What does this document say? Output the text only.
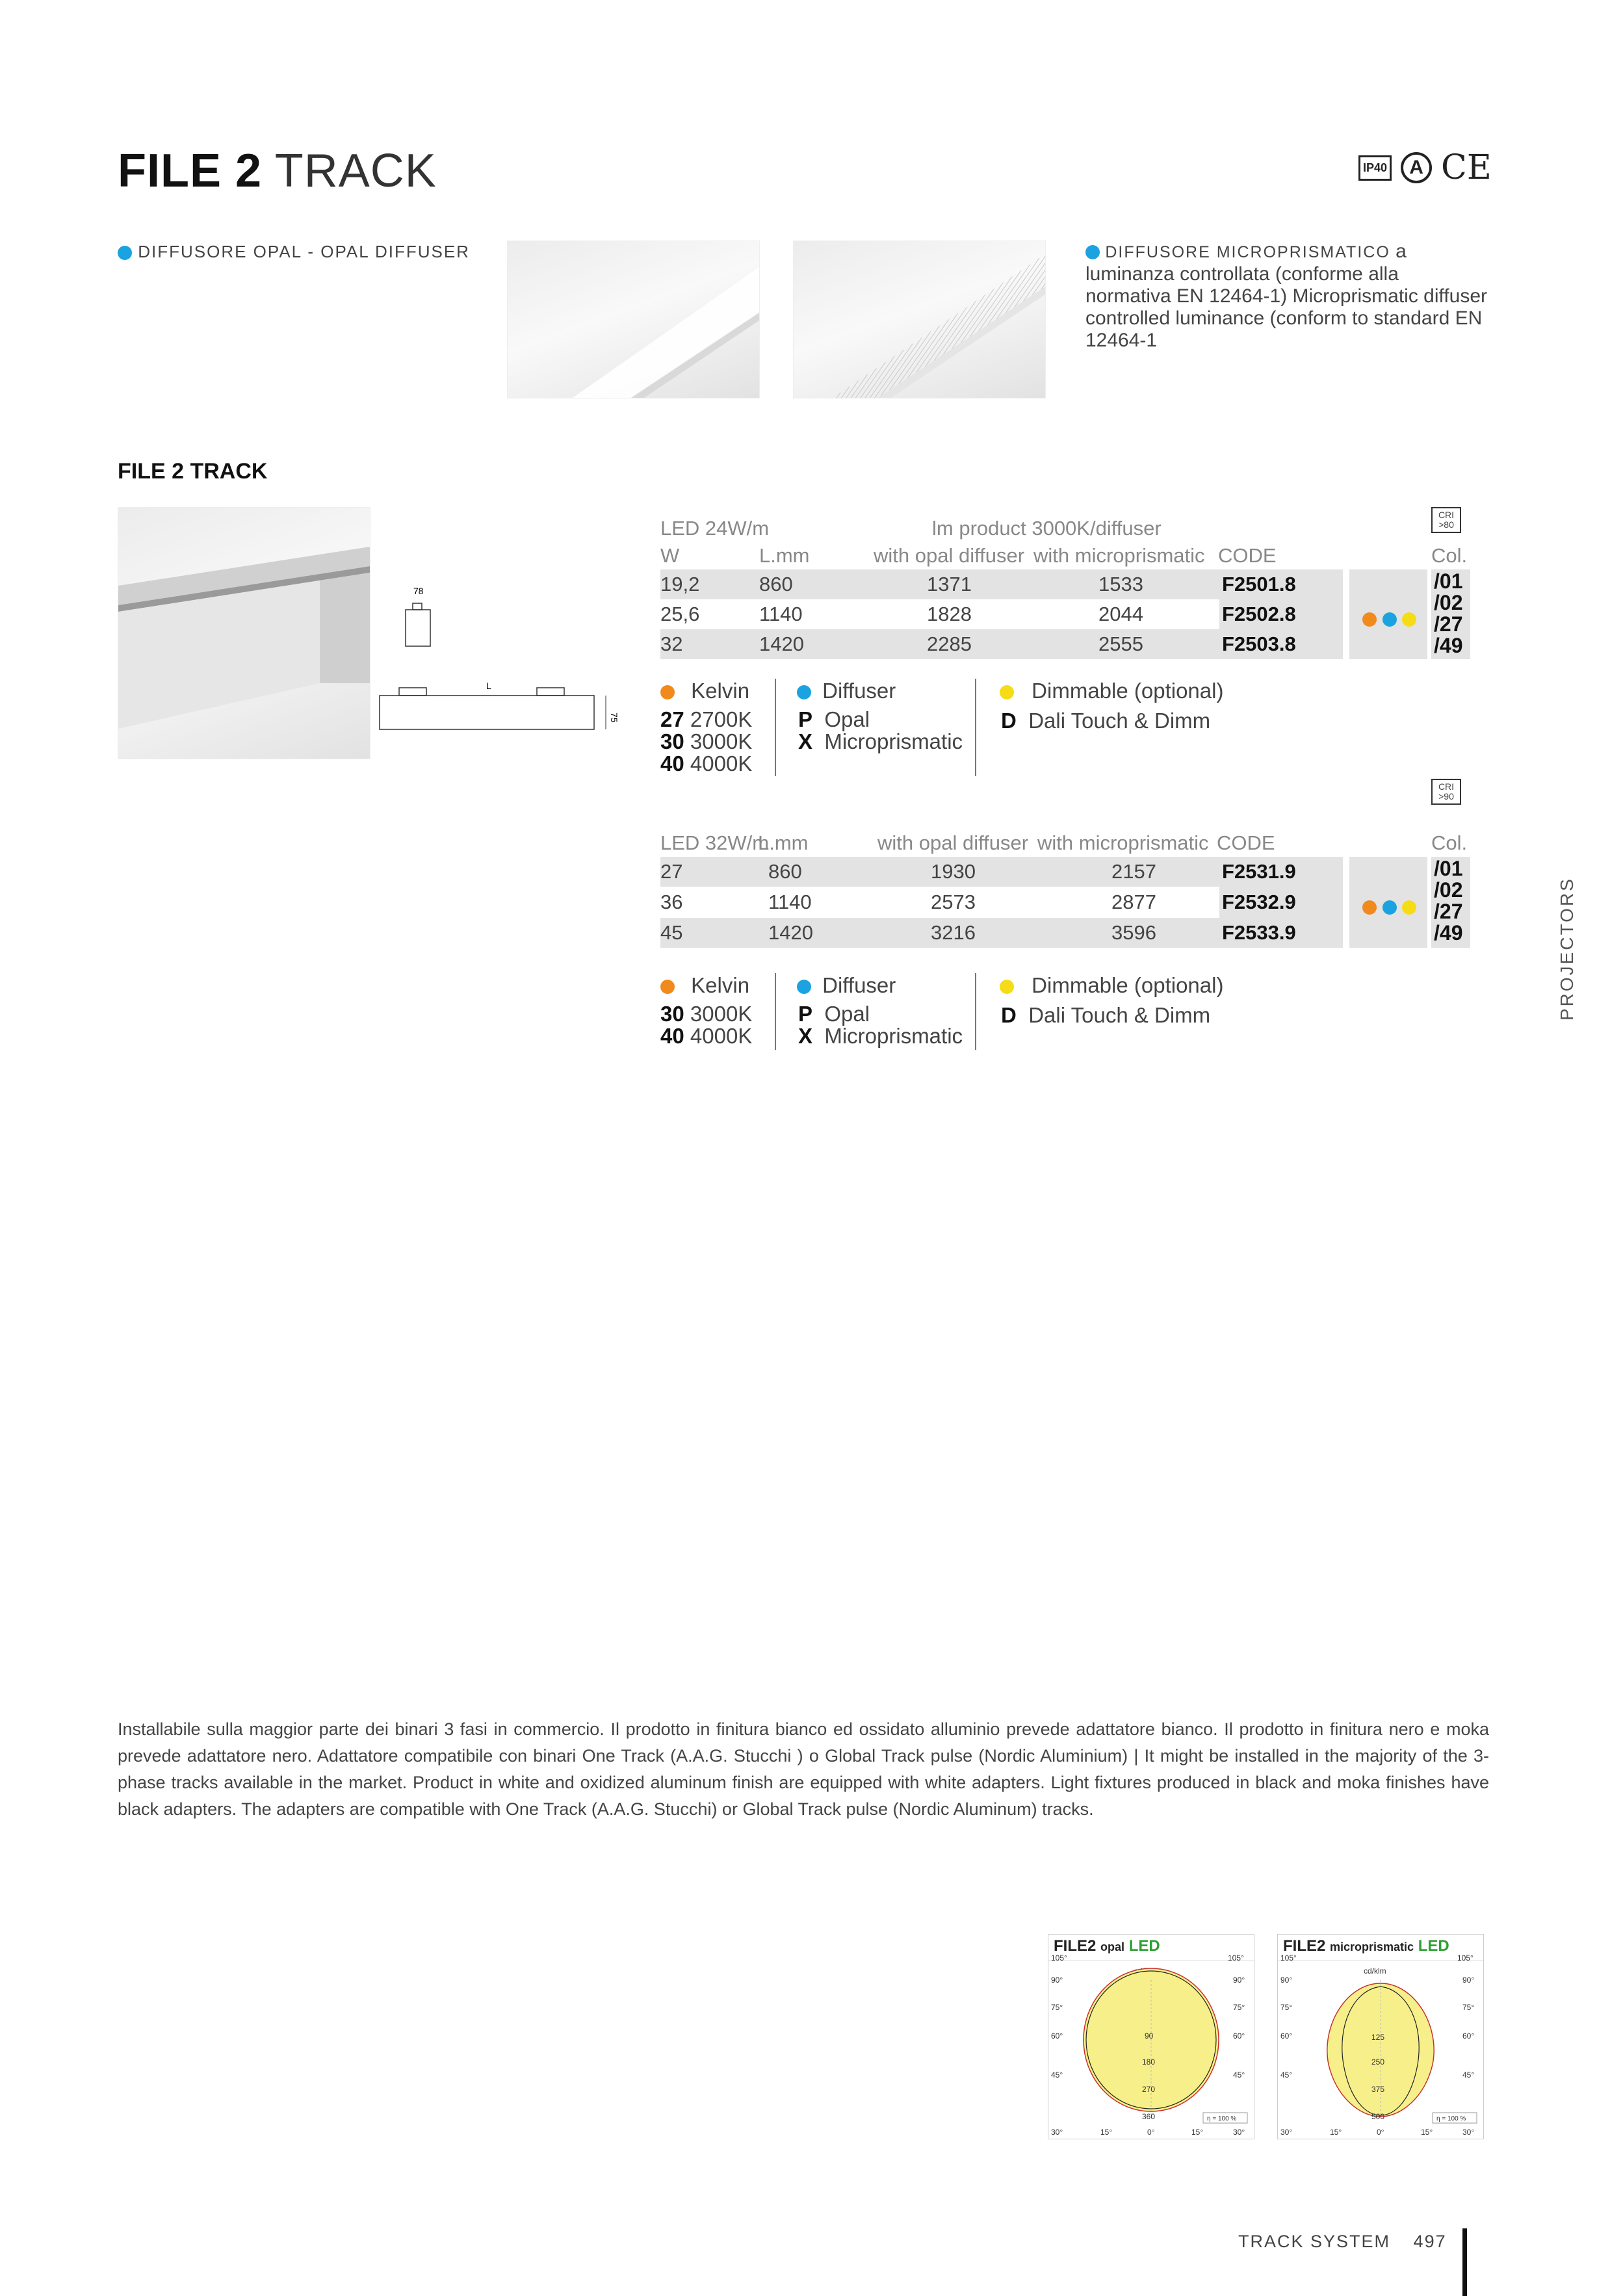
FILE 2 TRACK	IP40	A CE
DIFFUSORE OPAL - OPAL DIFFUSER	DIFFUSORE MICROPRISMATICO a luminanza controllata (conforme alla normativa EN 12464-1) Microprismatic diffuser controlled luminance (conform to standard EN 12464-1
FILE 2 TRACK
78
L
75
CRI
>80
LED 24W/m	lm product 3000K/diffuser
W	L.mm	with opal diffuser with microprismatic CODE	Col.
19,2	860	1371	1533	F2501.8
25,6	1140	1828	2044	F2502.8
32	1420	2285	2555	F2503.8

/01
/02
/27
/49
Kelvin
27 2700K
30 3000K
40 4000K
Diffuser
P Opal
X Microprismatic
Dimmable (optional)
D Dali Touch & Dimm
CRI
>90
LED 32W/m
L.mm	with opal diffuser with microprismatic CODE	Col.
27	860	1930	2157	F2531.9
36	1140	2573	2877	F2532.9
45	1420	3216	3596	F2533.9

/01
/02
/27
/49
Kelvin
30 3000K
40 4000K
Diffuser
P Opal
X Microprismatic
Dimmable (optional)
D Dali Touch & Dimm	PROJECTORS
Installabile sulla maggior parte dei binari 3 fasi in commercio. Il prodotto in finitura bianco ed ossidato alluminio prevede adattatore bianco. Il prodotto in finitura nero e moka prevede adattatore nero. Adattatore compatibile con binari One Track (A.A.G. Stucchi ) o Global Track pulse (Nordic Aluminium) | It might be installed in the majority of the 3-phase tracks available in the market. Product in white and oxidized aluminum finish are equipped with white adapters. Light fixtures produced in black and moka finishes have black adapters. The adapters are compatible with One Track (A.A.G. Stucchi) or Global Track pulse (Nordic Aluminum) tracks.
FILE2 opal LED
105°	105°
90°	90°
75°	75°
60°	60°
45°	45°
90
180
270
360	η = 100 %
30°	15°	0°	15°	30°
FILE2 microprismatic LED
105°	105°
cd/klm
90°	90°
75°	75°
60°	60°
45°	45°
125
250
375
500	η = 100 %
30°	15°	0°	15°	30°
TRACK SYSTEM 497
